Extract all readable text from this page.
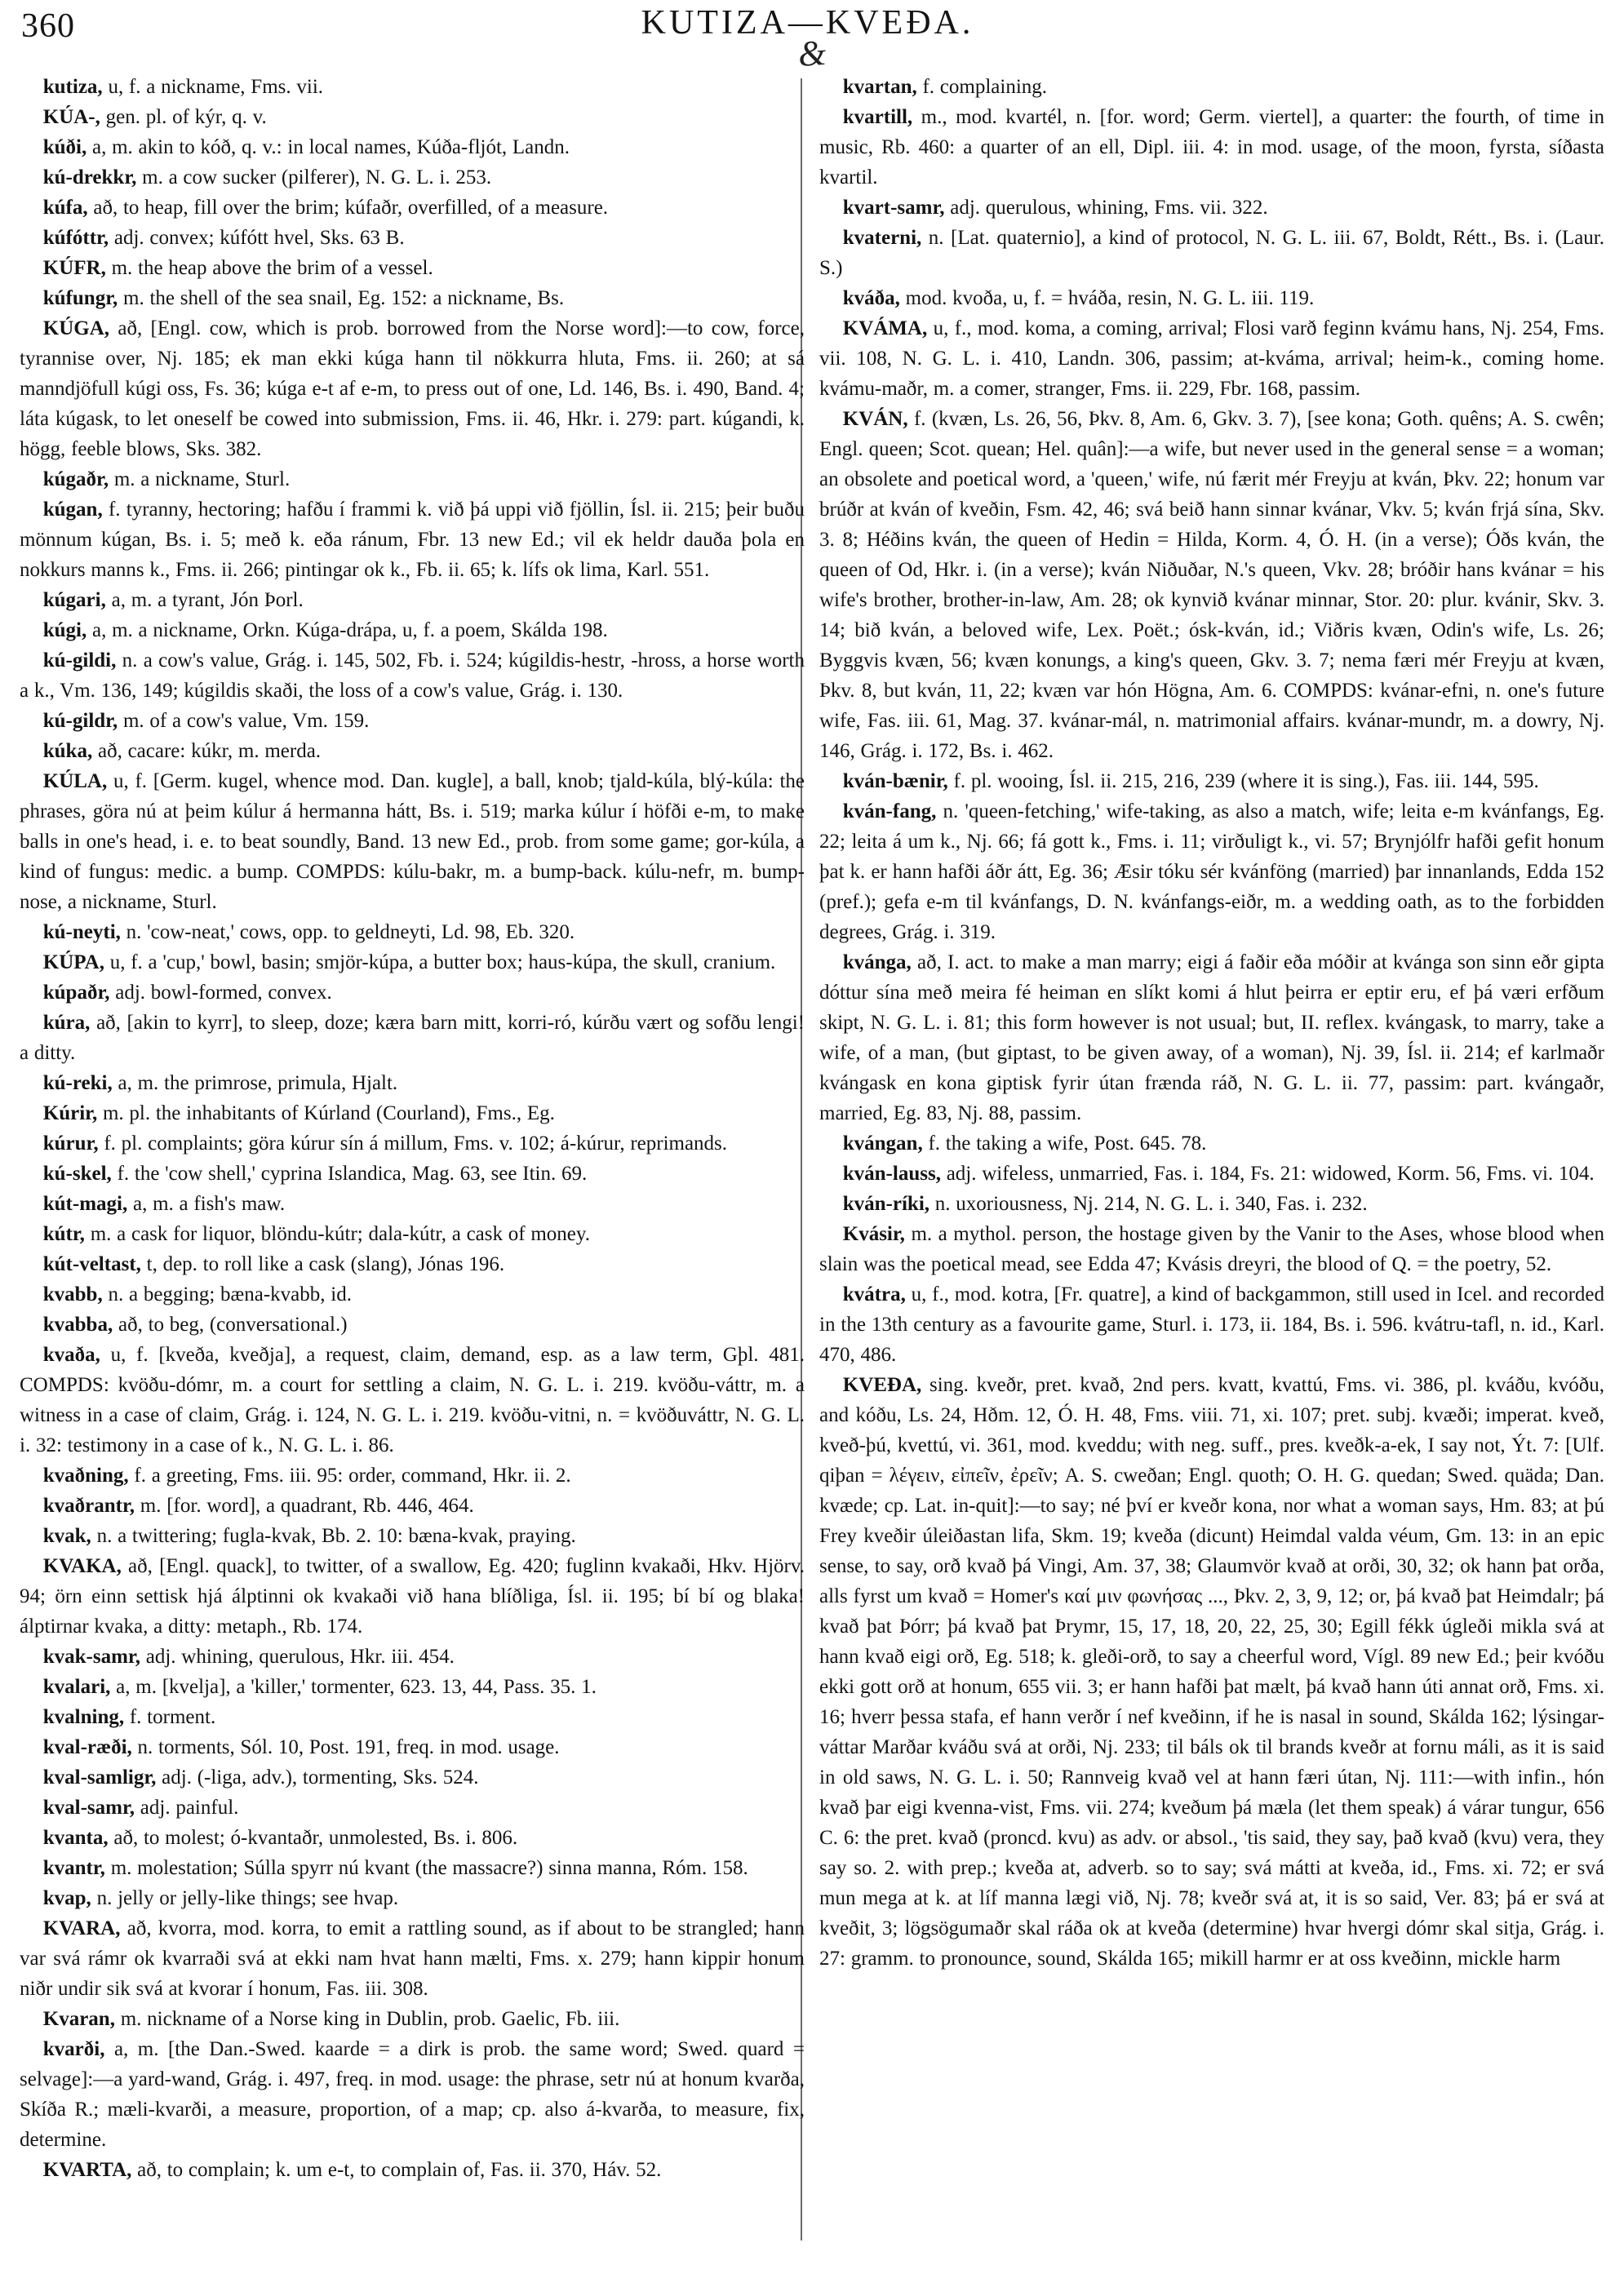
360	KUTIZA—KVEÐA.
&

kutiza, u, f. a nickname, Fms. vii.

KÚA-, gen. pl. of kýr, q. v.

kúði, a, m. akin to kóð, q. v.: in local names, Kúða-fljót, Landn.

kú-drekkr, m. a cow sucker (pilferer), N. G. L. i. 253.

kúfa, að, to heap, fill over the brim; kúfaðr, overfilled, of a measure.

kúfóttr, adj. convex; kúfótt hvel, Sks. 63 B.

KÚFR, m. the heap above the brim of a vessel.

kúfungr, m. the shell of the sea snail, Eg. 152: a nickname, Bs.

KÚGA, að, [Engl. cow, which is prob. borrowed from the Norse word]:—to cow, force, tyrannise over, Nj. 185; ek man ekki kúga hann til nökkurra hluta, Fms. ii. 260; at sá manndjöfull kúgi oss, Fs. 36; kúga e-t af e-m, to press out of one, Ld. 146, Bs. i. 490, Band. 4; láta kúgask, to let oneself be cowed into submission, Fms. ii. 46, Hkr. i. 279: part. kúgandi, k. högg, feeble blows, Sks. 382.

kúgaðr, m. a nickname, Sturl.

kúgan, f. tyranny, hectoring; hafðu í frammi k. við þá uppi við fjöllin, Ísl. ii. 215; þeir buðu mönnum kúgan, Bs. i. 5; með k. eða ránum, Fbr. 13 new Ed.; vil ek heldr dauða þola en nokkurs manns k., Fms. ii. 266; pintingar ok k., Fb. ii. 65; k. lífs ok lima, Karl. 551.

kúgari, a, m. a tyrant, Jón Þorl.

kúgi, a, m. a nickname, Orkn. Kúga-drápa, u, f. a poem, Skálda 198.

kú-gildi, n. a cow's value, Grág. i. 145, 502, Fb. i. 524; kúgildis-hestr, -hross, a horse worth a k., Vm. 136, 149; kúgildis skaði, the loss of a cow's value, Grág. i. 130.

kú-gildr, m. of a cow's value, Vm. 159.

kúka, að, cacare: kúkr, m. merda.

KÚLA, u, f. [Germ. kugel, whence mod. Dan. kugle], a ball, knob; tjald-kúla, blý-kúla: the phrases, göra nú at þeim kúlur á hermanna hátt, Bs. i. 519; marka kúlur í höfði e-m, to make balls in one's head, i. e. to beat soundly, Band. 13 new Ed., prob. from some game; gor-kúla, a kind of fungus: medic. a bump. COMPDS: kúlu-bakr, m. a bump-back. kúlu-nefr, m. bump-nose, a nickname, Sturl.

kú-neyti, n. 'cow-neat,' cows, opp. to geldneyti, Ld. 98, Eb. 320.

KÚPA, u, f. a 'cup,' bowl, basin; smjör-kúpa, a butter box; haus-kúpa, the skull, cranium.

kúpaðr, adj. bowl-formed, convex.

kúra, að, [akin to kyrr], to sleep, doze; kæra barn mitt, korri-ró, kúrðu vært og sofðu lengi! a ditty.

kú-reki, a, m. the primrose, primula, Hjalt.

Kúrir, m. pl. the inhabitants of Kúrland (Courland), Fms., Eg.

kúrur, f. pl. complaints; göra kúrur sín á millum, Fms. v. 102; á-kúrur, reprimands.

kú-skel, f. the 'cow shell,' cyprina Islandica, Mag. 63, see Itin. 69.

kút-magi, a, m. a fish's maw.

kútr, m. a cask for liquor, blöndu-kútr; dala-kútr, a cask of money.

kút-veltast, t, dep. to roll like a cask (slang), Jónas 196.

kvabb, n. a begging; bæna-kvabb, id.

kvabba, að, to beg, (conversational.)

kvaða, u, f. [kveða, kveðja], a request, claim, demand, esp. as a law term, Gþl. 481. COMPDS: kvöðu-dómr, m. a court for settling a claim, N. G. L. i. 219. kvöðu-váttr, m. a witness in a case of claim, Grág. i. 124, N. G. L. i. 219. kvöðu-vitni, n. = kvöðuváttr, N. G. L. i. 32: testimony in a case of k., N. G. L. i. 86.

kvaðning, f. a greeting, Fms. iii. 95: order, command, Hkr. ii. 2.

kvaðrantr, m. [for. word], a quadrant, Rb. 446, 464.

kvak, n. a twittering; fugla-kvak, Bb. 2. 10: bæna-kvak, praying.

KVAKA, að, [Engl. quack], to twitter, of a swallow, Eg. 420; fuglinn kvakaði, Hkv. Hjörv. 94; örn einn settisk hjá álptinni ok kvakaði við hana blíðliga, Ísl. ii. 195; bí bí og blaka! álptirnar kvaka, a ditty: metaph., Rb. 174.

kvak-samr, adj. whining, querulous, Hkr. iii. 454.

kvalari, a, m. [kvelja], a 'killer,' tormenter, 623. 13, 44, Pass. 35. 1.

kvalning, f. torment.

kval-ræði, n. torments, Sól. 10, Post. 191, freq. in mod. usage.

kval-samligr, adj. (-liga, adv.), tormenting, Sks. 524.

kval-samr, adj. painful.

kvanta, að, to molest; ó-kvantaðr, unmolested, Bs. i. 806.

kvantr, m. molestation; Súlla spyrr nú kvant (the massacre?) sinna manna, Róm. 158.

kvap, n. jelly or jelly-like things; see hvap.

KVARA, að, kvorra, mod. korra, to emit a rattling sound, as if about to be strangled; hann var svá rámr ok kvarraði svá at ekki nam hvat hann mælti, Fms. x. 279; hann kippir honum niðr undir sik svá at kvorar í honum, Fas. iii. 308.

Kvaran, m. nickname of a Norse king in Dublin, prob. Gaelic, Fb. iii.

kvarði, a, m. [the Dan.-Swed. kaarde = a dirk is prob. the same word; Swed. quard = selvage]:—a yard-wand, Grág. i. 497, freq. in mod. usage: the phrase, setr nú at honum kvarða, Skíða R.; mæli-kvarði, a measure, proportion, of a map; cp. also á-kvarða, to measure, fix, determine.

KVARTA, að, to complain; k. um e-t, to complain of, Fas. ii. 370, Háv. 52.

kvartan, f. complaining.

kvartill, m., mod. kvartél, n. [for. word; Germ. viertel], a quarter: the fourth, of time in music, Rb. 460: a quarter of an ell, Dipl. iii. 4: in mod. usage, of the moon, fyrsta, síðasta kvartil.

kvart-samr, adj. querulous, whining, Fms. vii. 322.

kvaterni, n. [Lat. quaternio], a kind of protocol, N. G. L. iii. 67, Boldt, Rétt., Bs. i. (Laur. S.)

kváða, mod. kvoða, u, f. = hváða, resin, N. G. L. iii. 119.

KVÁMA, u, f., mod. koma, a coming, arrival; Flosi varð feginn kvámu hans, Nj. 254, Fms. vii. 108, N. G. L. i. 410, Landn. 306, passim; at-kváma, arrival; heim-k., coming home. kvámu-maðr, m. a comer, stranger, Fms. ii. 229, Fbr. 168, passim.

KVÁN, f. (kvæn, Ls. 26, 56, Þkv. 8, Am. 6, Gkv. 3. 7), [see kona; Goth. quêns; A. S. cwên; Engl. queen; Scot. quean; Hel. quân]:—a wife, but never used in the general sense = a woman; an obsolete and poetical word, a 'queen,' wife, nú færit mér Freyju at kván, Þkv. 22; honum var brúðr at kván of kveðin, Fsm. 42, 46; svá beið hann sinnar kvánar, Vkv. 5; kván frjá sína, Skv. 3. 8; Héðins kván, the queen of Hedin = Hilda, Korm. 4, Ó. H. (in a verse); Óðs kván, the queen of Od, Hkr. i. (in a verse); kván Niðuðar, N.'s queen, Vkv. 28; bróðir hans kvánar = his wife's brother, brother-in-law, Am. 28; ok kynvið kvánar minnar, Stor. 20: plur. kvánir, Skv. 3. 14; bið kván, a beloved wife, Lex. Poët.; ósk-kván, id.; Viðris kvæn, Odin's wife, Ls. 26; Byggvis kvæn, 56; kvæn konungs, a king's queen, Gkv. 3. 7; nema færi mér Freyju at kvæn, Þkv. 8, but kván, 11, 22; kvæn var hón Högna, Am. 6. COMPDS: kvánar-efni, n. one's future wife, Fas. iii. 61, Mag. 37. kvánar-mál, n. matrimonial affairs. kvánar-mundr, m. a dowry, Nj. 146, Grág. i. 172, Bs. i. 462.

kván-bænir, f. pl. wooing, Ísl. ii. 215, 216, 239 (where it is sing.), Fas. iii. 144, 595.

kván-fang, n. 'queen-fetching,' wife-taking, as also a match, wife; leita e-m kvánfangs, Eg. 22; leita á um k., Nj. 66; fá gott k., Fms. i. 11; virðuligt k., vi. 57; Brynjólfr hafði gefit honum þat k. er hann hafði áðr átt, Eg. 36; Æsir tóku sér kvánföng (married) þar innanlands, Edda 152 (pref.); gefa e-m til kvánfangs, D. N. kvánfangs-eiðr, m. a wedding oath, as to the forbidden degrees, Grág. i. 319.

kvánga, að, I. act. to make a man marry; eigi á faðir eða móðir at kvánga son sinn eðr gipta dóttur sína með meira fé heiman en slíkt komi á hlut þeirra er eptir eru, ef þá væri erfðum skipt, N. G. L. i. 81; this form however is not usual; but, II. reflex. kvángask, to marry, take a wife, of a man, (but giptast, to be given away, of a woman), Nj. 39, Ísl. ii. 214; ef karlmaðr kvángask en kona giptisk fyrir útan frænda ráð, N. G. L. ii. 77, passim: part. kvángaðr, married, Eg. 83, Nj. 88, passim.

kvángan, f. the taking a wife, Post. 645. 78.

kván-lauss, adj. wifeless, unmarried, Fas. i. 184, Fs. 21: widowed, Korm. 56, Fms. vi. 104.

kván-ríki, n. uxoriousness, Nj. 214, N. G. L. i. 340, Fas. i. 232.

Kvásir, m. a mythol. person, the hostage given by the Vanir to the Ases, whose blood when slain was the poetical mead, see Edda 47; Kvásis dreyri, the blood of Q. = the poetry, 52.

kvátra, u, f., mod. kotra, [Fr. quatre], a kind of backgammon, still used in Icel. and recorded in the 13th century as a favourite game, Sturl. i. 173, ii. 184, Bs. i. 596. kvátru-tafl, n. id., Karl. 470, 486.

KVEÐA, sing. kveðr, pret. kvað, 2nd pers. kvatt, kvattú, Fms. vi. 386, pl. kváðu, kvóðu, and kóðu, Ls. 24, Hðm. 12, Ó. H. 48, Fms. viii. 71, xi. 107; pret. subj. kvæði; imperat. kveð, kveð-þú, kvettú, vi. 361, mod. kveddu; with neg. suff., pres. kveðk-a-ek, I say not, Ýt. 7: [Ulf. qiþan = λέγειν, εἰπεῖν, ἐρεῖν; A. S. cweðan; Engl. quoth; O. H. G. quedan; Swed. quäda; Dan. kvæde; cp. Lat. in-quit]:—to say; né því er kveðr kona, nor what a woman says, Hm. 83; at þú Frey kveðir úleiðastan lifa, Skm. 19; kveða (dicunt) Heimdal valda véum, Gm. 13: in an epic sense, to say, orð kvað þá Vingi, Am. 37, 38; Glaumvör kvað at orði, 30, 32; ok hann þat orða, alls fyrst um kvað = Homer's καί μιν φωνήσας ..., Þkv. 2, 3, 9, 12; or, þá kvað þat Heimdalr; þá kvað þat Þórr; þá kvað þat Þrymr, 15, 17, 18, 20, 22, 25, 30; Egill fékk úgleði mikla svá at hann kvað eigi orð, Eg. 518; k. gleði-orð, to say a cheerful word, Vígl. 89 new Ed.; þeir kvóðu ekki gott orð at honum, 655 vii. 3; er hann hafði þat mælt, þá kvað hann úti annat orð, Fms. xi. 16; hverr þessa stafa, ef hann verðr í nef kveðinn, if he is nasal in sound, Skálda 162; lýsingar-váttar Marðar kváðu svá at orði, Nj. 233; til báls ok til brands kveðr at fornu máli, as it is said in old saws, N. G. L. i. 50; Rannveig kvað vel at hann færi útan, Nj. 111:—with infin., hón kvað þar eigi kvenna-vist, Fms. vii. 274; kveðum þá mæla (let them speak) á várar tungur, 656 C. 6: the pret. kvað (proncd. kvu) as adv. or absol., 'tis said, they say, það kvað (kvu) vera, they say so. 2. with prep.; kveða at, adverb. so to say; svá mátti at kveða, id., Fms. xi. 72; er svá mun mega at k. at líf manna lægi við, Nj. 78; kveðr svá at, it is so said, Ver. 83; þá er svá at kveðit, 3; lögsögumaðr skal ráða ok at kveða (determine) hvar hvergi dómr skal sitja, Grág. i. 27: gramm. to pronounce, sound, Skálda 165; mikill harmr er at oss kveðinn, mickle harm
